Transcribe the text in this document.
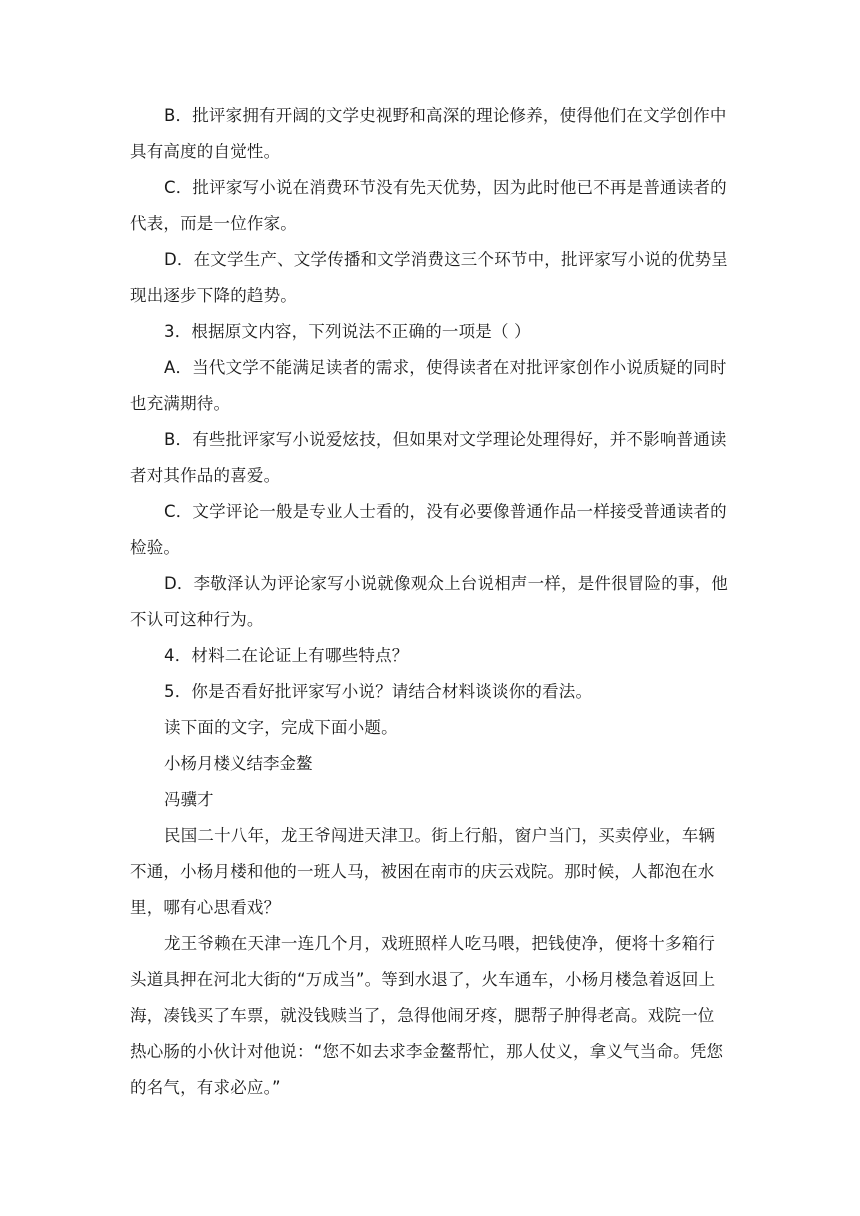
B．批评家拥有开阔的文学史视野和高深的理论修养，使得他们在文学创作中具有高度的自觉性。

C．批评家写小说在消费环节没有先天优势，因为此时他已不再是普通读者的代表，而是一位作家。

D．在文学生产、文学传播和文学消费这三个环节中，批评家写小说的优势呈现出逐步下降的趋势。

3．根据原文内容，下列说法不正确的一项是（ ）

A．当代文学不能满足读者的需求，使得读者在对批评家创作小说质疑的同时也充满期待。

B．有些批评家写小说爱炫技，但如果对文学理论处理得好，并不影响普通读者对其作品的喜爱。

C．文学评论一般是专业人士看的，没有必要像普通作品一样接受普通读者的检验。

D．李敬泽认为评论家写小说就像观众上台说相声一样，是件很冒险的事，他不认可这种行为。

4．材料二在论证上有哪些特点？

5．你是否看好批评家写小说？请结合材料谈谈你的看法。

读下面的文字，完成下面小题。

小杨月楼义结李金鳌

冯骥才

民国二十八年，龙王爷闯进天津卫。街上行船，窗户当门，买卖停业，车辆不通，小杨月楼和他的一班人马，被困在南市的庆云戏院。那时候，人都泡在水里，哪有心思看戏？

龙王爷赖在天津一连几个月，戏班照样人吃马喂，把钱使净，便将十多箱行头道具押在河北大街的“万成当”。等到水退了，火车通车，小杨月楼急着返回上海，凑钱买了车票，就没钱赎当了，急得他闹牙疼，腮帮子肿得老高。戏院一位热心肠的小伙计对他说：“您不如去求李金鳌帮忙，那人仗义，拿义气当命。凭您的名气，有求必应。”
